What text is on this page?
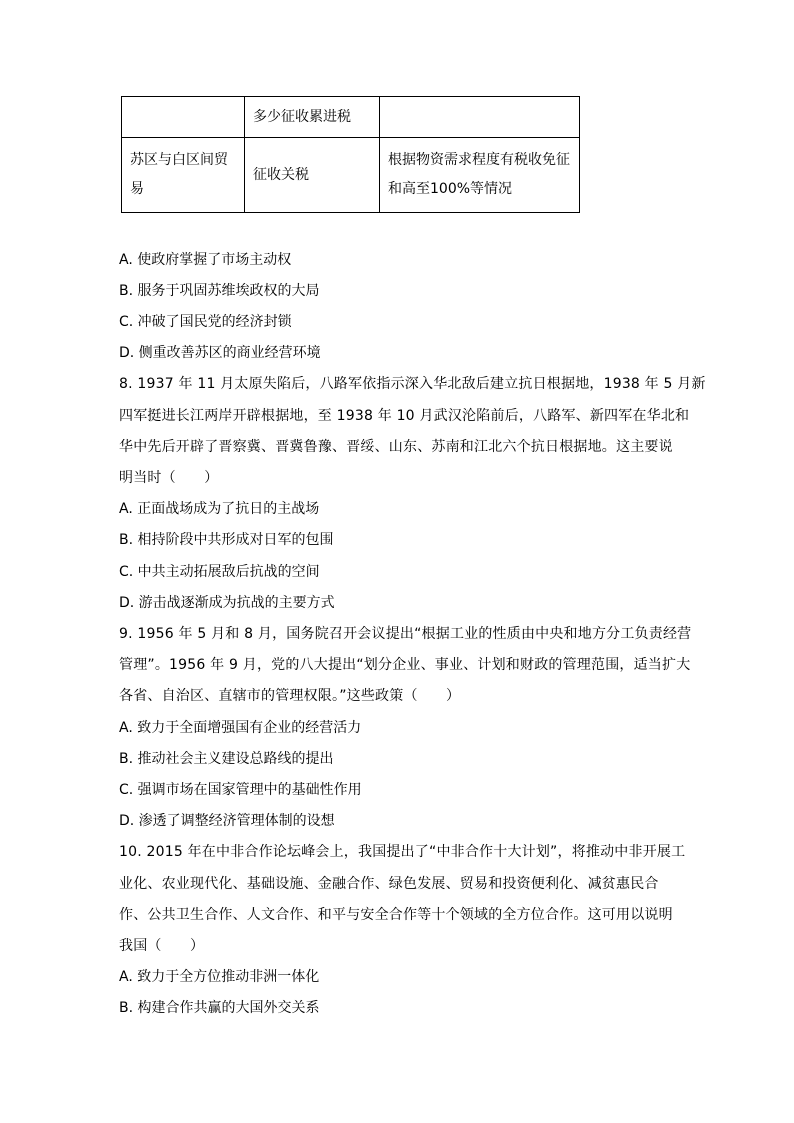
	多少征收累进税	
苏区与白区间贸易	征收关税	根据物资需求程度有税收免征和高至100%等情况
A. 使政府掌握了市场主动权
B. 服务于巩固苏维埃政权的大局
C. 冲破了国民党的经济封锁
D. 侧重改善苏区的商业经营环境
8. 1937 年 11 月太原失陷后，八路军依指示深入华北敌后建立抗日根据地，1938 年 5 月新
四军挺进长江两岸开辟根据地，至 1938 年 10 月武汉沦陷前后，八路军、新四军在华北和
华中先后开辟了晋察冀、晋冀鲁豫、晋绥、山东、苏南和江北六个抗日根据地。这主要说
明当时（　　）
A. 正面战场成为了抗日的主战场
B. 相持阶段中共形成对日军的包围
C. 中共主动拓展敌后抗战的空间
D. 游击战逐渐成为抗战的主要方式
9. 1956 年 5 月和 8 月，国务院召开会议提出“根据工业的性质由中央和地方分工负责经营
管理”。1956 年 9 月，党的八大提出“划分企业、事业、计划和财政的管理范围，适当扩大
各省、自治区、直辖市的管理权限。”这些政策（　　）
A. 致力于全面增强国有企业的经营活力
B. 推动社会主义建设总路线的提出
C. 强调市场在国家管理中的基础性作用
D. 渗透了调整经济管理体制的设想
10. 2015 年在中非合作论坛峰会上，我国提出了“中非合作十大计划”，将推动中非开展工
业化、农业现代化、基础设施、金融合作、绿色发展、贸易和投资便利化、减贫惠民合
作、公共卫生合作、人文合作、和平与安全合作等十个领域的全方位合作。这可用以说明
我国（　　）
A. 致力于全方位推动非洲一体化
B. 构建合作共赢的大国外交关系
